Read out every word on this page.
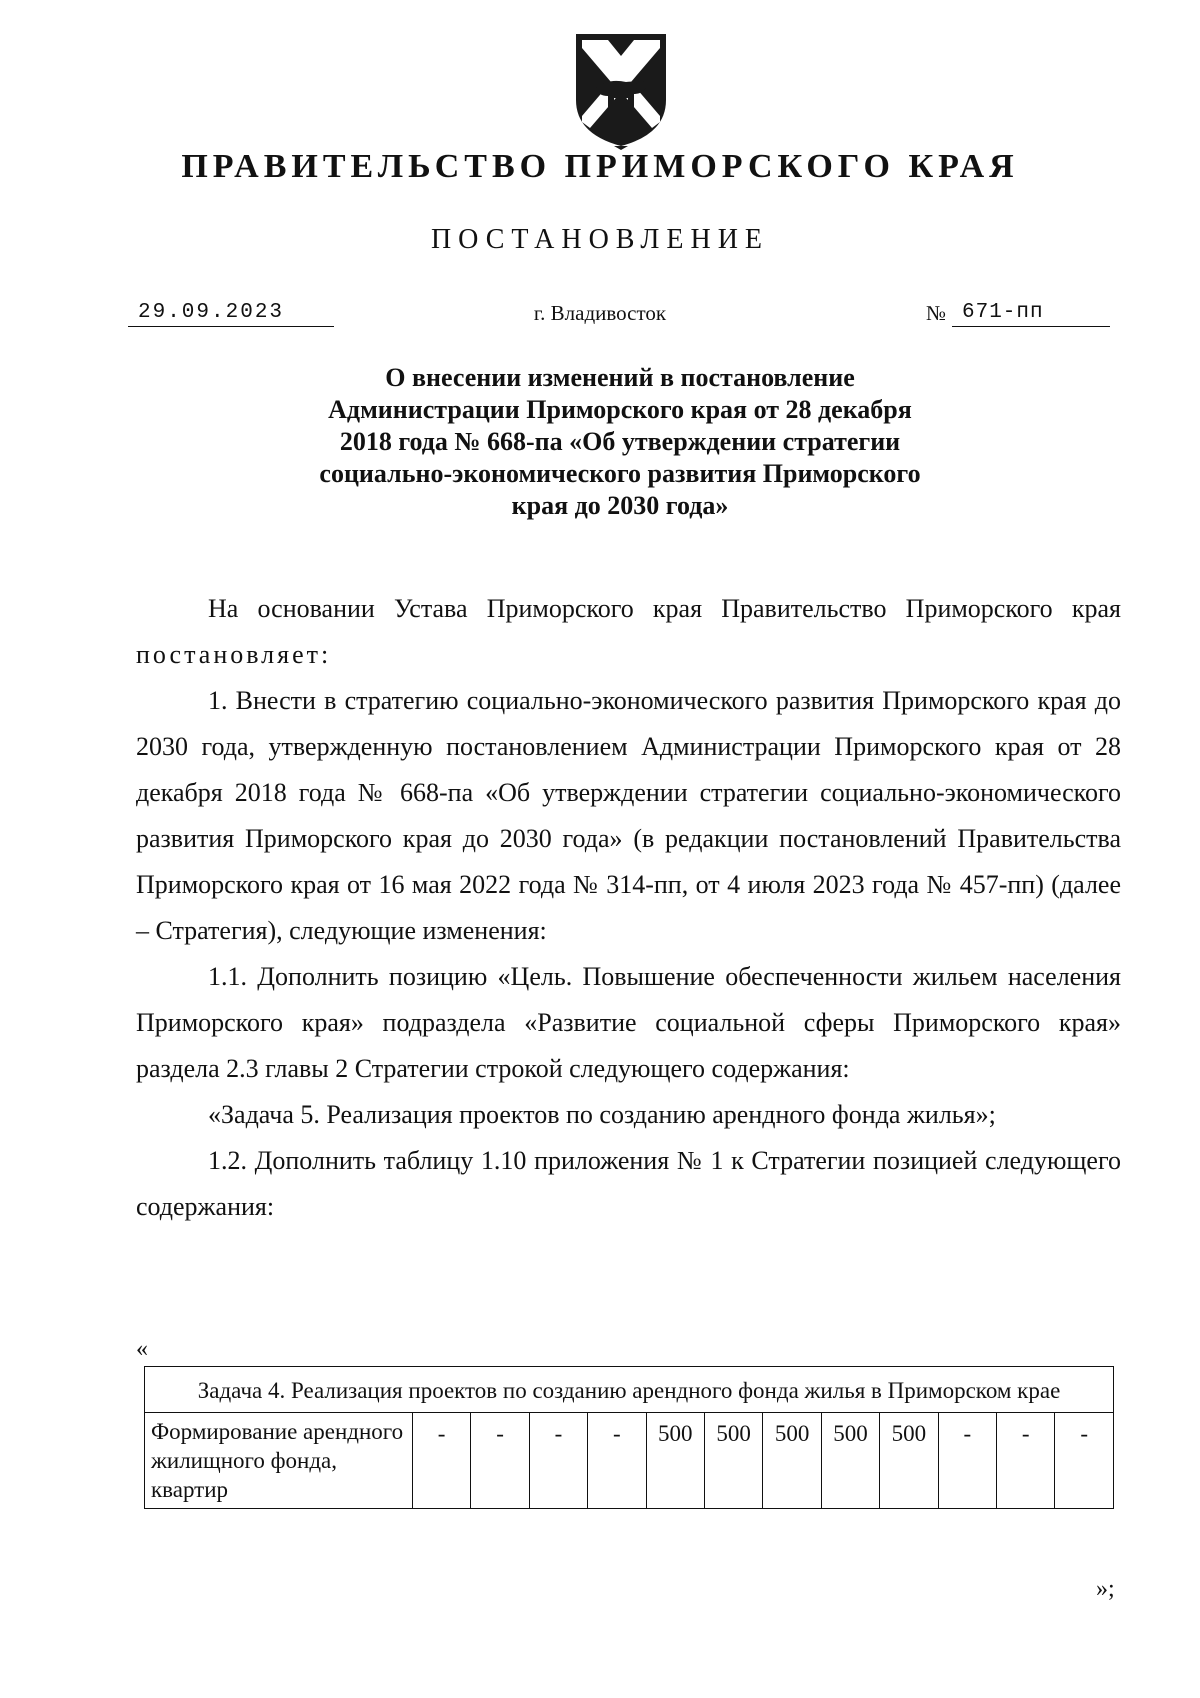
ПРАВИТЕЛЬСТВО ПРИМОРСКОГО КРАЯ
ПОСТАНОВЛЕНИЕ
29.09.2023	г. Владивосток	№ 671-пп
О внесении изменений в постановление
Администрации Приморского края от 28 декабря
2018 года № 668-па «Об утверждении стратегии
социально-экономического развития Приморского
края до 2030 года»

На основании Устава Приморского края Правительство Приморского края постановляет:

1. Внести в стратегию социально-экономического развития Приморского края до 2030 года, утвержденную постановлением Администрации Приморского края от 28 декабря 2018 года № 668-па «Об утверждении стратегии социально-экономического развития Приморского края до 2030 года» (в редакции постановлений Правительства Приморского края от 16 мая 2022 года № 314-пп, от 4 июля 2023 года № 457-пп) (далее – Стратегия), следующие изменения:

1.1. Дополнить позицию «Цель. Повышение обеспеченности жильем населения Приморского края» подраздела «Развитие социальной сферы Приморского края» раздела 2.3 главы 2 Стратегии строкой следующего содержания:

«Задача 5. Реализация проектов по созданию арендного фонда жилья»;

1.2. Дополнить таблицу 1.10 приложения № 1 к Стратегии позицией следующего содержания:

«
Задача 4. Реализация проектов по созданию арендного фонда жилья в Приморском крае
Формирование арендного жилищного фонда, квартир	-	-	-	-	500	500	500	500	500	-	-	-
»;
